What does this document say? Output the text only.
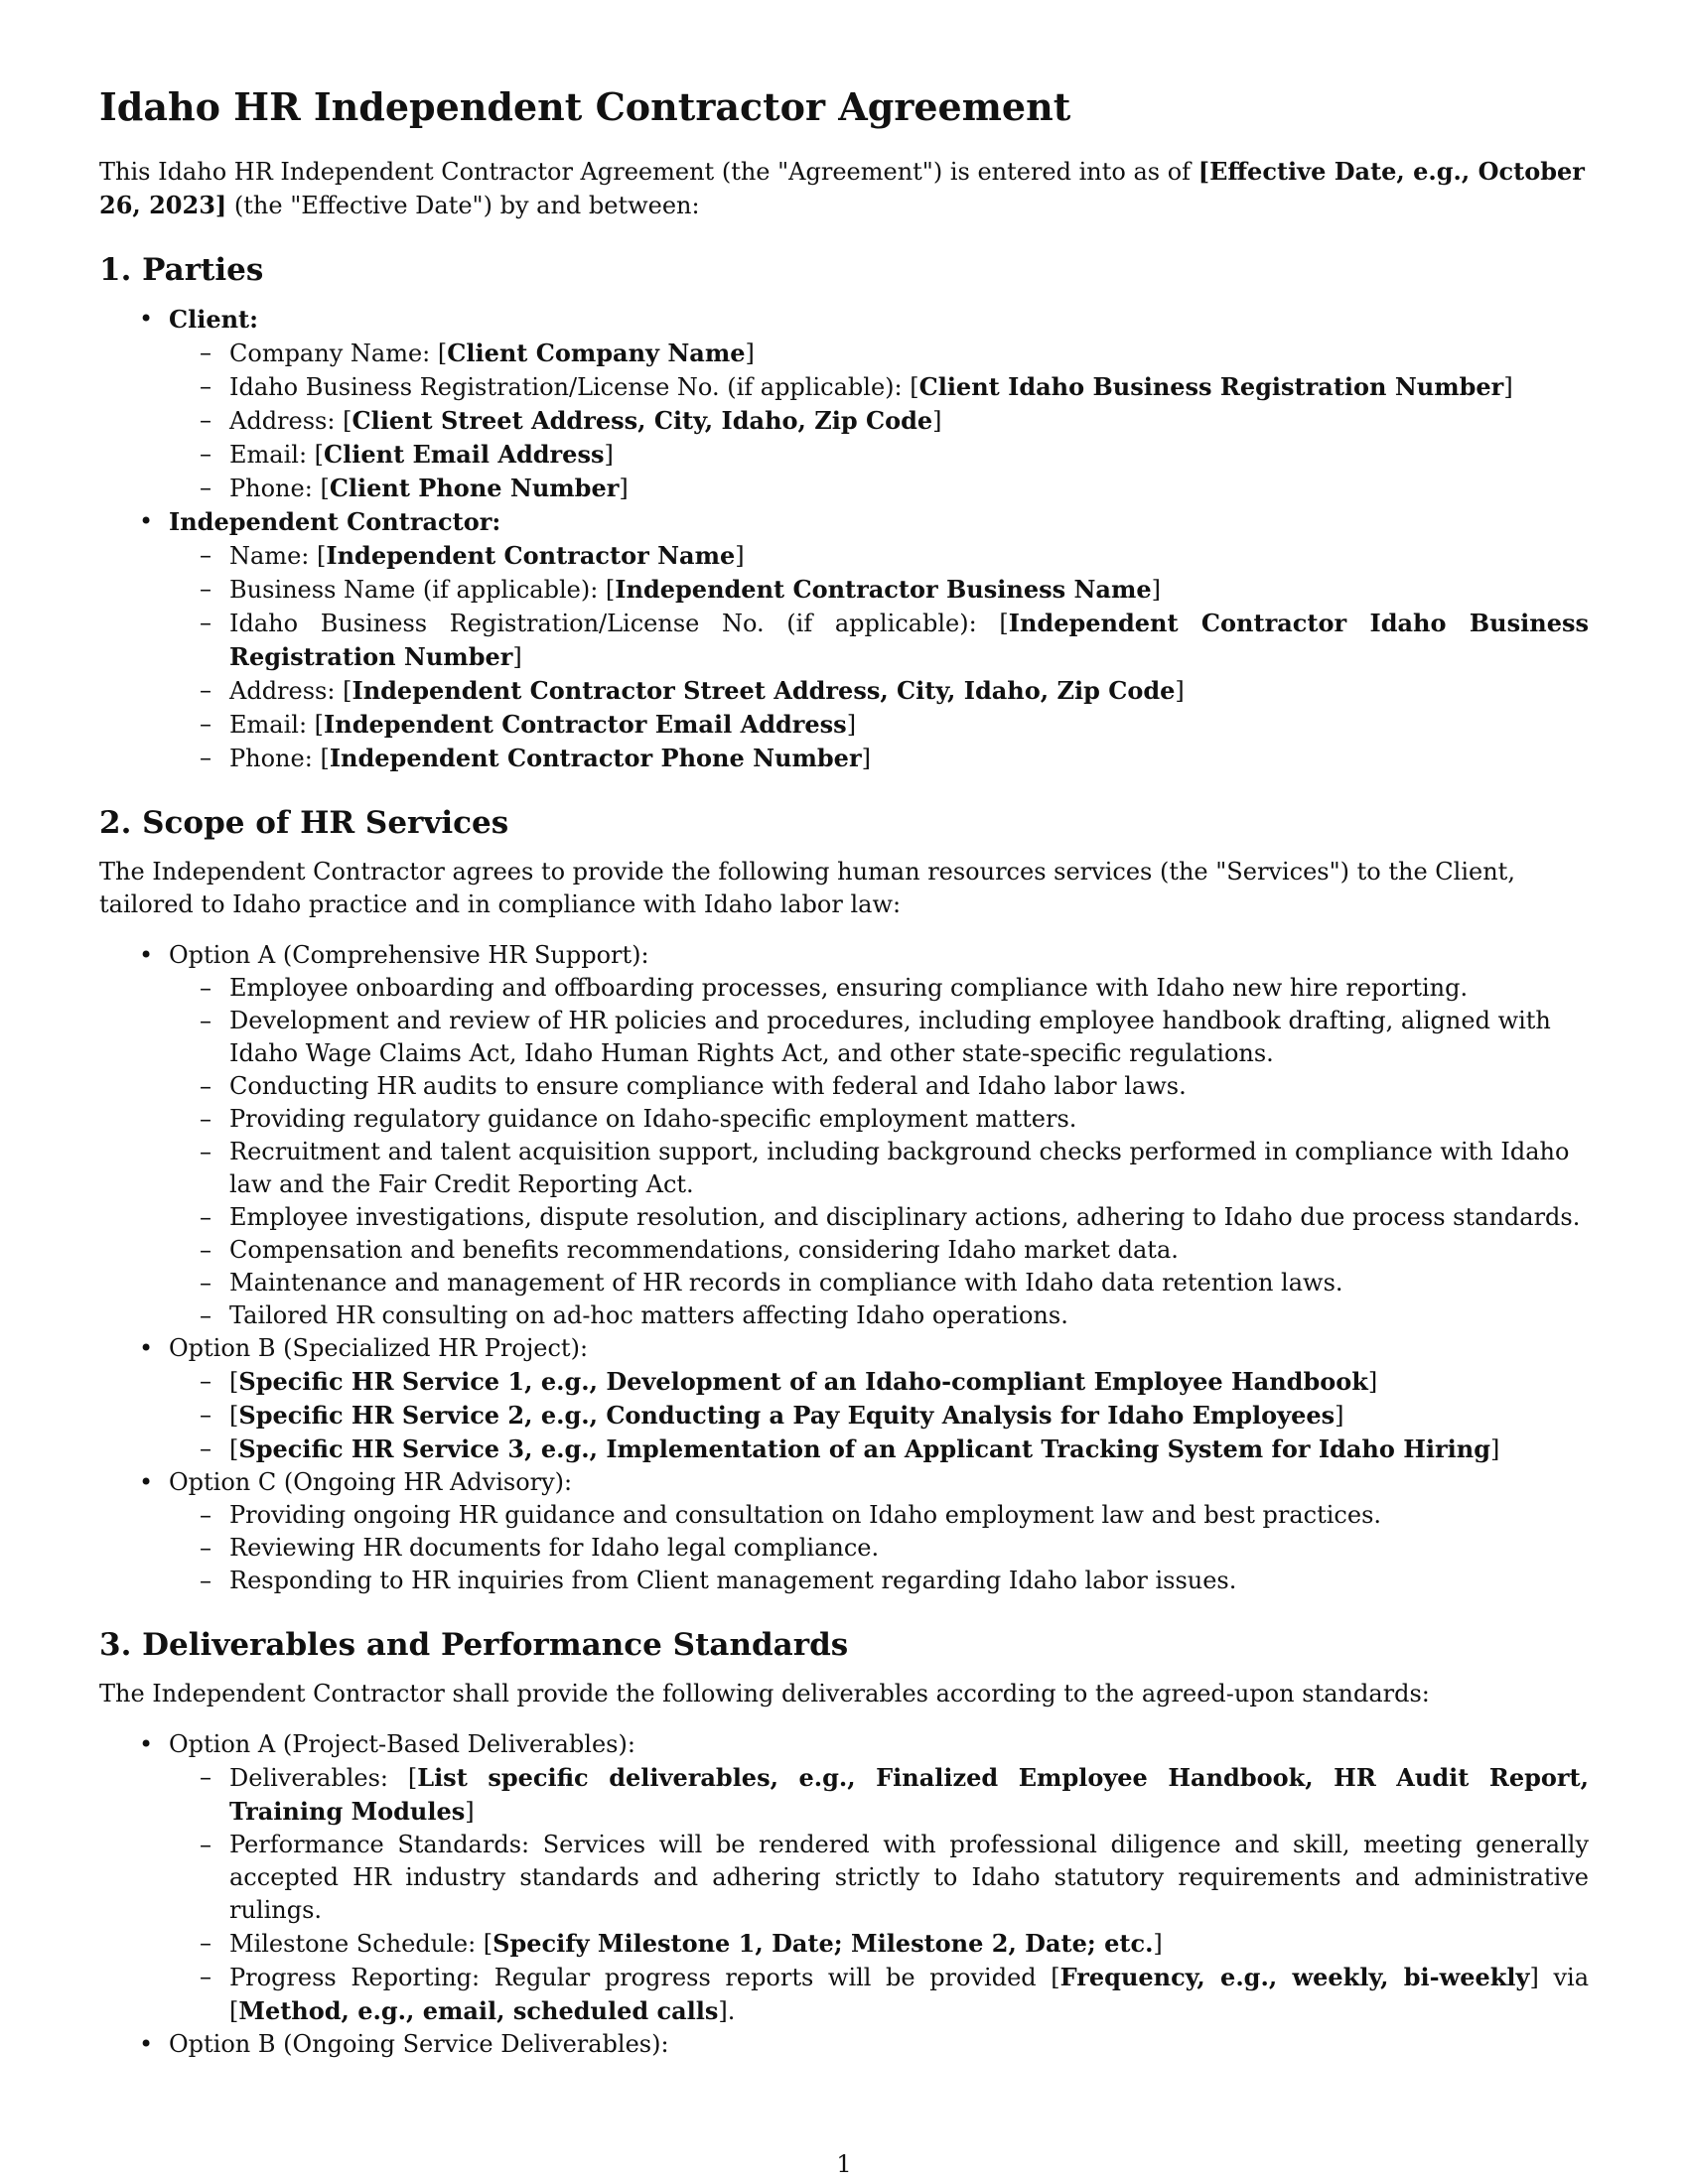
Idaho HR Independent Contractor Agreement

This Idaho HR Independent Contractor Agreement (the "Agreement") is entered into as of [Effective Date, e.g., October 26, 2023] (the "Effective Date") by and between:

1. Parties
• Client:
– Company Name: [Client Company Name]
– Idaho Business Registration/License No. (if applicable): [Client Idaho Business Registration Number]
– Address: [Client Street Address, City, Idaho, Zip Code]
– Email: [Client Email Address]
– Phone: [Client Phone Number]
• Independent Contractor:
– Name: [Independent Contractor Name]
– Business Name (if applicable): [Independent Contractor Business Name]
– Idaho Business Registration/License No. (if applicable): [Independent Contractor Idaho Business Registration Number]
– Address: [Independent Contractor Street Address, City, Idaho, Zip Code]
– Email: [Independent Contractor Email Address]
– Phone: [Independent Contractor Phone Number]
2. Scope of HR Services

The Independent Contractor agrees to provide the following human resources services (the "Services") to the Client, tailored to Idaho practice and in compliance with Idaho labor law:

• Option A (Comprehensive HR Support):
– Employee onboarding and offboarding processes, ensuring compliance with Idaho new hire reporting.
– Development and review of HR policies and procedures, including employee handbook drafting, aligned with Idaho Wage Claims Act, Idaho Human Rights Act, and other state-specific regulations.
– Conducting HR audits to ensure compliance with federal and Idaho labor laws.
– Providing regulatory guidance on Idaho-specific employment matters.
– Recruitment and talent acquisition support, including background checks performed in compliance with Idaho law and the Fair Credit Reporting Act.
– Employee investigations, dispute resolution, and disciplinary actions, adhering to Idaho due process standards.
– Compensation and benefits recommendations, considering Idaho market data.
– Maintenance and management of HR records in compliance with Idaho data retention laws.
– Tailored HR consulting on ad-hoc matters affecting Idaho operations.
• Option B (Specialized HR Project):
– [Specific HR Service 1, e.g., Development of an Idaho-compliant Employee Handbook]
– [Specific HR Service 2, e.g., Conducting a Pay Equity Analysis for Idaho Employees]
– [Specific HR Service 3, e.g., Implementation of an Applicant Tracking System for Idaho Hiring]
• Option C (Ongoing HR Advisory):
– Providing ongoing HR guidance and consultation on Idaho employment law and best practices.
– Reviewing HR documents for Idaho legal compliance.
– Responding to HR inquiries from Client management regarding Idaho labor issues.
3. Deliverables and Performance Standards

The Independent Contractor shall provide the following deliverables according to the agreed-upon standards:

• Option A (Project-Based Deliverables):
– Deliverables: [List specific deliverables, e.g., Finalized Employee Handbook, HR Audit Report, Training Modules]
– Performance Standards: Services will be rendered with professional diligence and skill, meeting generally accepted HR industry standards and adhering strictly to Idaho statutory requirements and administrative rulings.
– Milestone Schedule: [Specify Milestone 1, Date; Milestone 2, Date; etc.]
– Progress Reporting: Regular progress reports will be provided [Frequency, e.g., weekly, bi-weekly] via [Method, e.g., email, scheduled calls].
• Option B (Ongoing Service Deliverables):
1
